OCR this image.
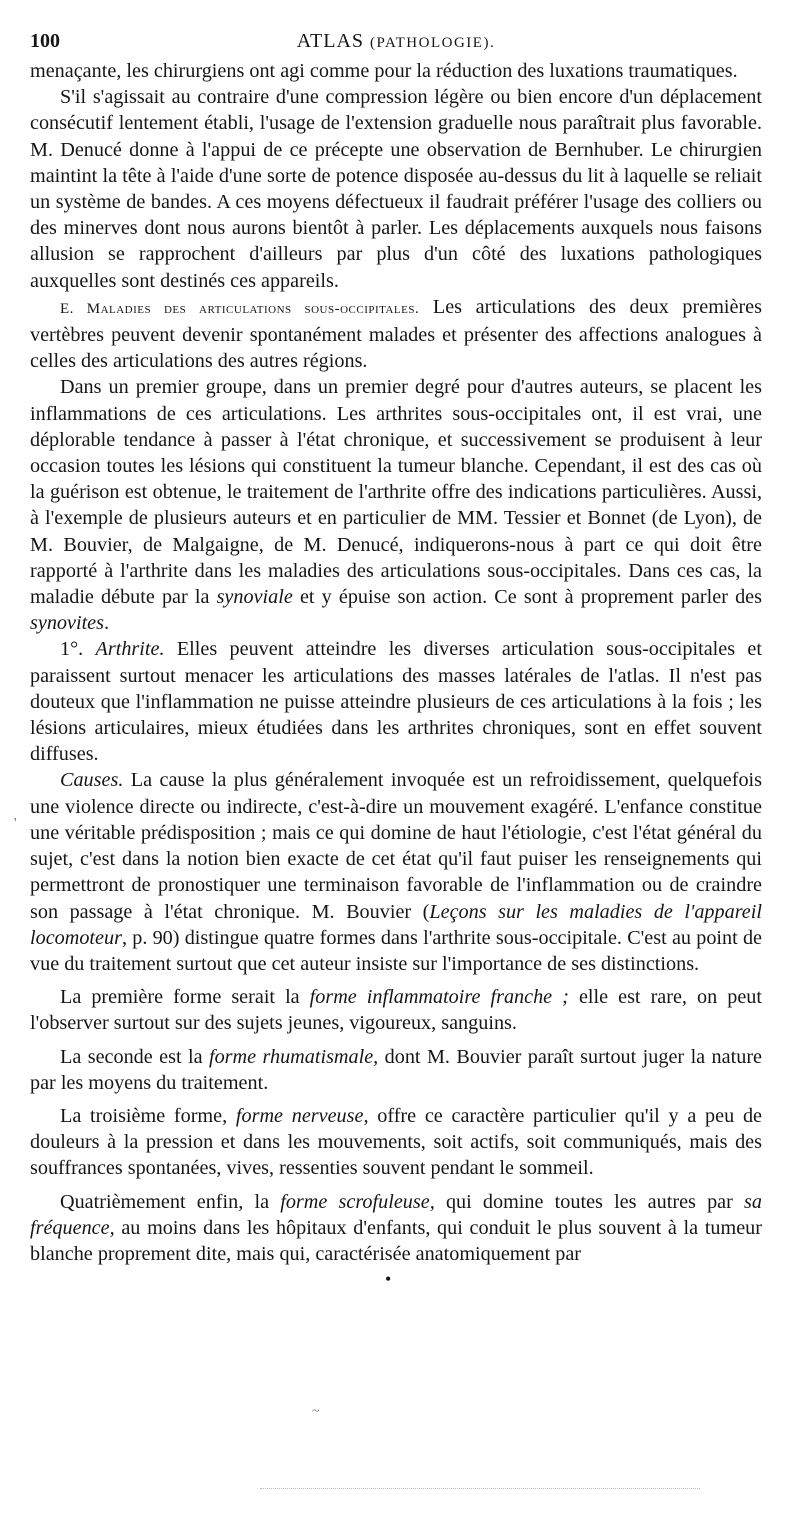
100	ATLAS (PATHOLOGIE).

menaçante, les chirurgiens ont agi comme pour la réduction des luxations traumatiques.

S'il s'agissait au contraire d'une compression légère ou bien encore d'un déplacement consécutif lentement établi, l'usage de l'extension graduelle nous paraîtrait plus favorable. M. Denucé donne à l'appui de ce précepte une observation de Bernhuber. Le chirurgien maintint la tête à l'aide d'une sorte de potence disposée au-dessus du lit à laquelle se reliait un système de bandes. A ces moyens défectueux il faudrait préférer l'usage des colliers ou des minerves dont nous aurons bientôt à parler. Les déplacements auxquels nous faisons allusion se rapprochent d'ailleurs par plus d'un côté des luxations pathologiques auxquelles sont destinés ces appareils.

E. Maladies des articulations sous-occipitales. Les articulations des deux premières vertèbres peuvent devenir spontanément malades et présenter des affections analogues à celles des articulations des autres régions.

Dans un premier groupe, dans un premier degré pour d'autres auteurs, se placent les inflammations de ces articulations. Les arthrites sous-occipitales ont, il est vrai, une déplorable tendance à passer à l'état chronique, et successivement se produisent à leur occasion toutes les lésions qui constituent la tumeur blanche. Cependant, il est des cas où la guérison est obtenue, le traitement de l'arthrite offre des indications particulières. Aussi, à l'exemple de plusieurs auteurs et en particulier de MM. Tessier et Bonnet (de Lyon), de M. Bouvier, de Malgaigne, de M. Denucé, indiquerons-nous à part ce qui doit être rapporté à l'arthrite dans les maladies des articulations sous-occipitales. Dans ces cas, la maladie débute par la synoviale et y épuise son action. Ce sont à proprement parler des synovites.

1°. Arthrite. Elles peuvent atteindre les diverses articulation sous-occipitales et paraissent surtout menacer les articulations des masses latérales de l'atlas. Il n'est pas douteux que l'inflammation ne puisse atteindre plusieurs de ces articulations à la fois ; les lésions articulaires, mieux étudiées dans les arthrites chroniques, sont en effet souvent diffuses.

Causes. La cause la plus généralement invoquée est un refroidissement, quelquefois une violence directe ou indirecte, c'est-à-dire un mouvement exagéré. L'enfance constitue une véritable prédisposition ; mais ce qui domine de haut l'étiologie, c'est l'état général du sujet, c'est dans la notion bien exacte de cet état qu'il faut puiser les renseignements qui permettront de pronostiquer une terminaison favorable de l'inflammation ou de craindre son passage à l'état chronique. M. Bouvier (Leçons sur les maladies de l'appareil locomoteur, p. 90) distingue quatre formes dans l'arthrite sous-occipitale. C'est au point de vue du traitement surtout que cet auteur insiste sur l'importance de ses distinctions.

La première forme serait la forme inflammatoire franche ; elle est rare, on peut l'observer surtout sur des sujets jeunes, vigoureux, sanguins.

La seconde est la forme rhumatismale, dont M. Bouvier paraît surtout juger la nature par les moyens du traitement.

La troisième forme, forme nerveuse, offre ce caractère particulier qu'il y a peu de douleurs à la pression et dans les mouvements, soit actifs, soit communiqués, mais des souffrances spontanées, vives, ressenties souvent pendant le sommeil.

Quatrièmement enfin, la forme scrofuleuse, qui domine toutes les autres par sa fréquence, au moins dans les hôpitaux d'enfants, qui conduit le plus souvent à la tumeur blanche proprement dite, mais qui, caractérisée anatomiquement par

'
•
~
